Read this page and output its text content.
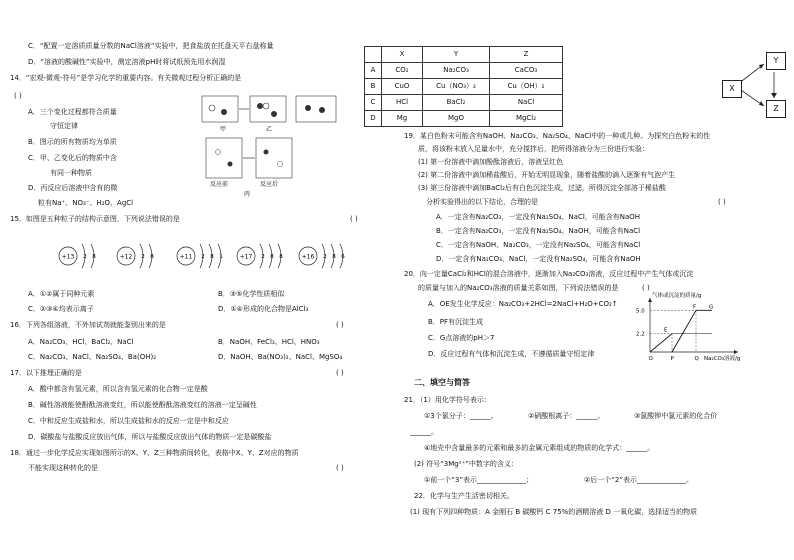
C．“配置一定溶质质量分数的NaCl溶液”实验中，把食盐放在托盘天平右盘称量
D．“溶液的酸碱性”实验中，测定溶液pH时将试纸预先用水润湿
14．“宏观-微观-符号”是学习化学的重要内容。有关微观过程分析正确的是
( )
A．三个变化过程都符合质量
守恒定律
B．图示的所有物质均为单质
C．甲、乙变化后的物质中含
有同一种物质
D．丙反应后溶液中含有的微
粒有Na⁺、NO₃⁻、H₂O、AgCl
甲	乙
反应前	反应后
丙
15．如图是五种粒子的结构示意图，下列说法错误的是	( )
+13 2 8	+12 2 8	+11 2 8 1	+17 2 8 8	+16 2 8 6
A．①②属于同种元素	B．③⑤化学性质相似
C．②③④均表示离子	D．①④形成的化合物是AlCl₃
16．下列各组溶液，不外加试剂就能鉴别出来的是	( )
A．Na₂CO₃、HCl、BaCl₂、NaCl	B．NaOH、FeCl₃、HCl、HNO₃
C．Na₂CO₃、NaCl、Na₂SO₄、Ba(OH)₂	D．NaOH、Ba(NO₃)₂、NaCl、MgSO₄
17．以下推理正确的是	( )
A．酸中都含有氢元素，所以含有氢元素的化合物一定是酸
B．碱性溶液能使酚酞溶液变红，所以能使酚酞溶液变红的溶液一定呈碱性
C．中和反应生成盐和水，所以生成盐和水的反应一定是中和反应
D．碳酸盐与盐酸反应放出气体，所以与盐酸反应放出气体的物质一定是碳酸盐
18．通过一步化学反应实现如图所示的X、Y、Z三种物质间转化，表格中X、Y、Z对应的物质
不能实现这种转化的是	( )
	X	Y	Z
A	CO₂	Na₂CO₃	CaCO₃
B	CuO	Cu（NO₃）₂	Cu（OH）₂
C	HCl	BaCl₂	NaCl
D	Mg	MgO	MgCl₂
X
Y
Z
19．某白色粉末可能含有NaOH、Na₂CO₃、Na₂SO₄、NaCl中的一种或几种。为探究白色粉末的性
质，将该粉末放入足量水中，充分搅拌后，把所得溶液分为三份进行实验：
(1) 第一份溶液中滴加酚酞溶液后，溶液呈红色
(2) 第二份溶液中滴加稀盐酸后，开始无明显现象，随着盐酸的滴入逐渐有气泡产生
(3) 第三份溶液中滴加BaCl₂后有白色沉淀生成，过滤，所得沉淀全部溶于稀盐酸
分析实验得出的以下结论，合理的是	( )
A．一定含有Na₂CO₃，一定没有Na₂SO₄、NaCl，可能含有NaOH
B．一定含有Na₂CO₃，一定没有Na₂SO₄、NaOH，可能含有NaCl
C．一定含有NaOH、Na₂CO₃，一定没有Na₂SO₄，可能含有NaCl
D．一定含有Na₂CO₃、NaCl，一定没有Na₂SO₄，可能含有NaOH
20．向一定量CaCl₂和HCl的混合溶液中，逐渐加入Na₂CO₃溶液，反应过程中产生气体或沉淀
的质量与加入的Na₂CO₃溶液的质量关系如图，下列说法错误的是	( )
A．OE发生化学反应：Na₂CO₃+2HCl=2NaCl+H₂O+CO₂↑
B．PF有沉淀生成
C．G点溶液的pH＞7
D．反应过程有气体和沉淀生成，不遵循质量守恒定律
气体或沉淀的质量/g
Na₂CO₃溶液/g
O	P	Q
2.2
5.0
E
F G
二、填空与简答
21．（1）用化学符号表示：
①3个氯分子：______。	②硝酸根离子：______。	③氯酸钾中氯元素的化合价
______。
④地壳中含量最多的元素和最多的金属元素组成的物质的化学式：______。
(2) 符号“3Mg²⁺”中数字的含义：
①前一个“3”表示______________；	②后一个“2”表示______________。
22．化学与生产生活密切相关。
(1) 现有下列四种物质：A 金刚石 B 碳酸钙 C 75%的酒精溶液 D 一氧化碳，选择适当的物质
